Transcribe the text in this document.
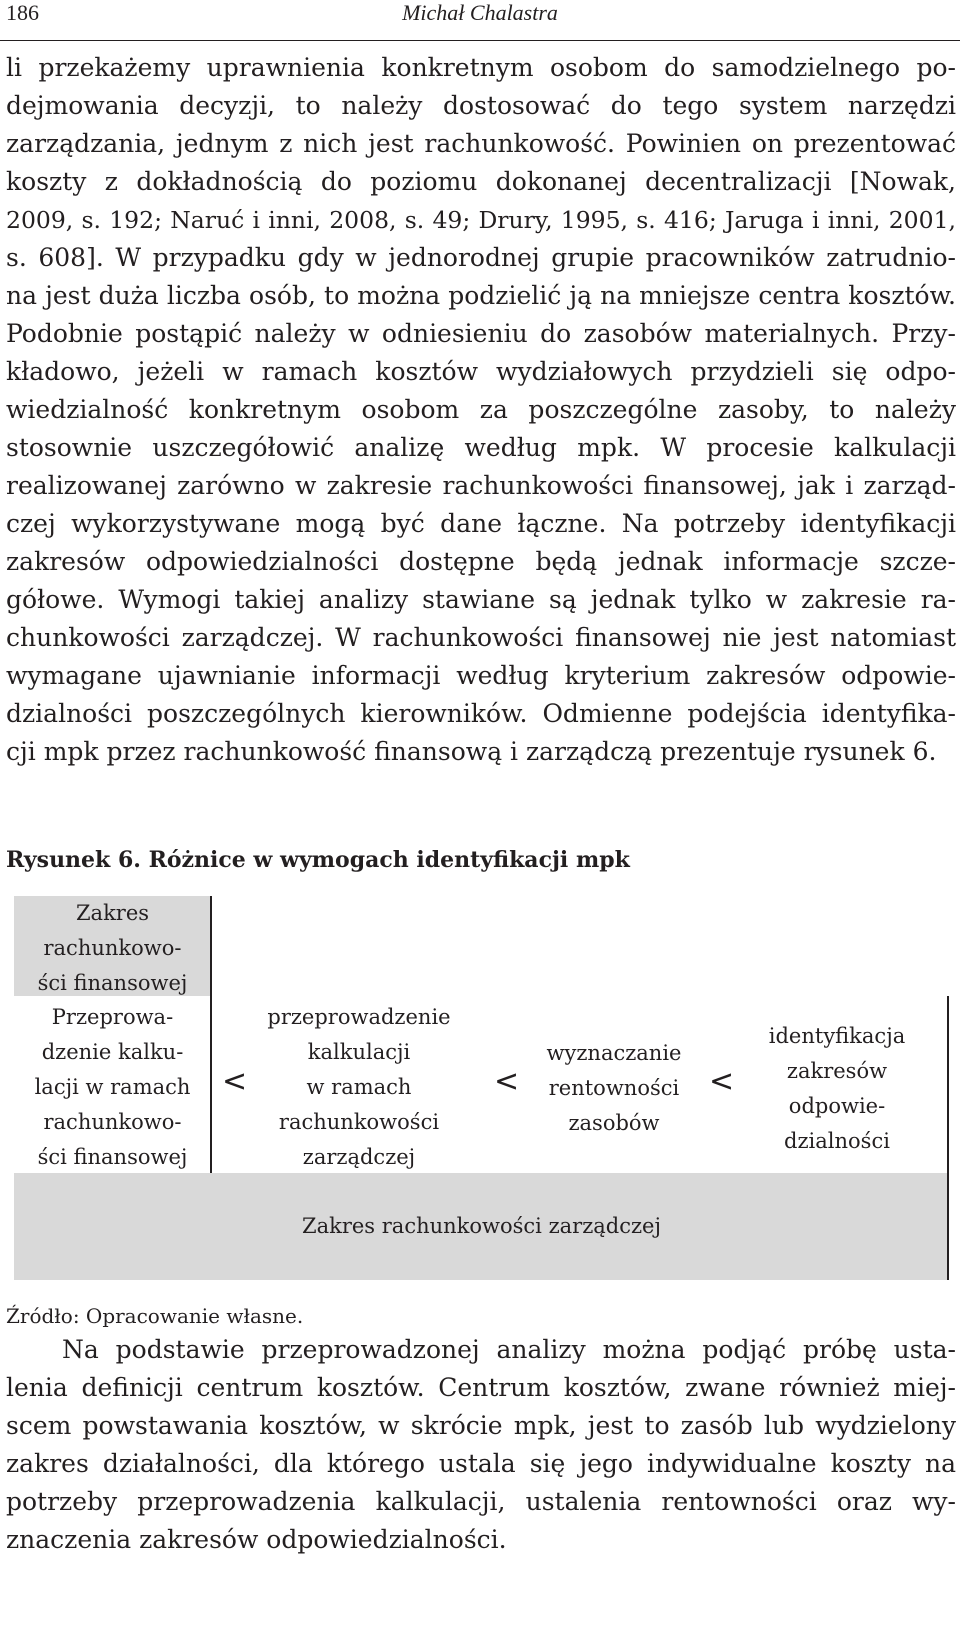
186	Michał Chalastra
li przekażemy uprawnienia konkretnym osobom do samodzielnego po-
dejmowania decyzji, to należy dostosować do tego system narzędzi
zarządzania, jednym z nich jest rachunkowość. Powinien on prezentować
koszty z dokładnością do poziomu dokonanej decentralizacji [Nowak,
2009, s. 192; Naruć i inni, 2008, s. 49; Drury, 1995, s. 416; Jaruga i inni, 2001,
s. 608]. W przypadku gdy w jednorodnej grupie pracowników zatrudnio-
na jest duża liczba osób, to można podzielić ją na mniejsze centra kosztów.
Podobnie postąpić należy w odniesieniu do zasobów materialnych. Przy-
kładowo, jeżeli w ramach kosztów wydziałowych przydzieli się odpo-
wiedzialność konkretnym osobom za poszczególne zasoby, to należy
stosownie uszczegółowić analizę według mpk. W procesie kalkulacji
realizowanej zarówno w zakresie rachunkowości finansowej, jak i zarząd-
czej wykorzystywane mogą być dane łączne. Na potrzeby identyfikacji
zakresów odpowiedzialności dostępne będą jednak informacje szcze-
gółowe. Wymogi takiej analizy stawiane są jednak tylko w zakresie ra-
chunkowości zarządczej. W rachunkowości finansowej nie jest natomiast
wymagane ujawnianie informacji według kryterium zakresów odpowie-
dzialności poszczególnych kierowników. Odmienne podejścia identyfika-
cji mpk przez rachunkowość finansową i zarządczą prezentuje rysunek 6.
Rysunek 6. Różnice w wymogach identyfikacji mpk
Zakres
rachunkowo-
ści finansowej
Przeprowa-
dzenie kalku-
lacji w ramach
rachunkowo-
ści finansowej
<
przeprowadzenie
kalkulacji
w ramach
rachunkowości
zarządczej
<
wyznaczanie
rentowności
zasobów
<
identyfikacja
zakresów
odpowie-
dzialności
Zakres rachunkowości zarządczej
Źródło: Opracowanie własne.
Na podstawie przeprowadzonej analizy można podjąć próbę usta-
lenia definicji centrum kosztów. Centrum kosztów, zwane również miej-
scem powstawania kosztów, w skrócie mpk, jest to zasób lub wydzielony
zakres działalności, dla którego ustala się jego indywidualne koszty na
potrzeby przeprowadzenia kalkulacji, ustalenia rentowności oraz wy-
znaczenia zakresów odpowiedzialności.
